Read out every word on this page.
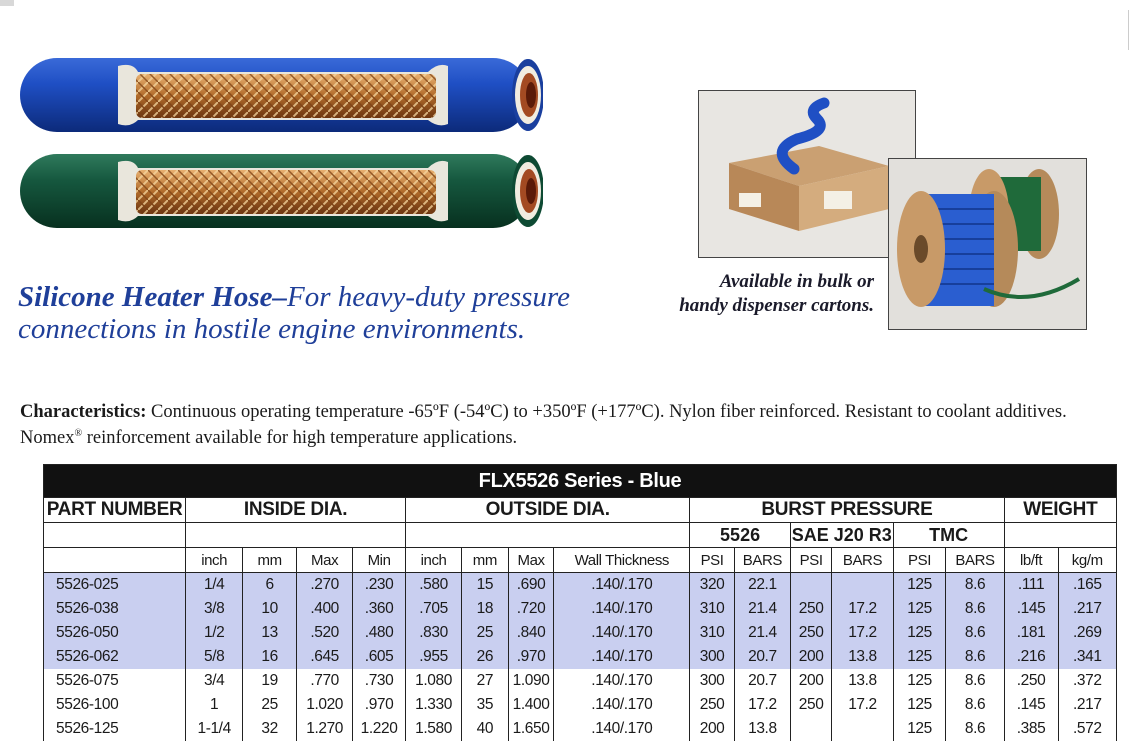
Available in bulk or
handy dispenser cartons.
Silicone Heater Hose–For heavy-duty pressure connections in hostile engine environments.
Characteristics: Continuous operating temperature -65ºF (-54ºC) to +350ºF (+177ºC). Nylon fiber reinforced. Resistant to coolant additives. Nomex® reinforcement available for high temperature applications.
FLX5526 Series - Blue																
PART NUMBER	INSIDE DIA.				OUTSIDE DIA.				BURST PRESSURE						WEIGHT	
									5526		SAE J20 R3		TMC			
	inch	mm	Max	Min	inch	mm	Max	Wall Thickness	PSI	BARS	PSI	BARS	PSI	BARS	lb/ft	kg/m
5526-025	1/4	6	.270	.230	.580	15	.690	.140/.170	320	22.1			125	8.6	.111	.165
5526-038	3/8	10	.400	.360	.705	18	.720	.140/.170	310	21.4	250	17.2	125	8.6	.145	.217
5526-050	1/2	13	.520	.480	.830	25	.840	.140/.170	310	21.4	250	17.2	125	8.6	.181	.269
5526-062	5/8	16	.645	.605	.955	26	.970	.140/.170	300	20.7	200	13.8	125	8.6	.216	.341
5526-075	3/4	19	.770	.730	1.080	27	1.090	.140/.170	300	20.7	200	13.8	125	8.6	.250	.372
5526-100	1	25	1.020	.970	1.330	35	1.400	.140/.170	250	17.2	250	17.2	125	8.6	.145	.217
5526-125	1-1/4	32	1.270	1.220	1.580	40	1.650	.140/.170	200	13.8			125	8.6	.385	.572
